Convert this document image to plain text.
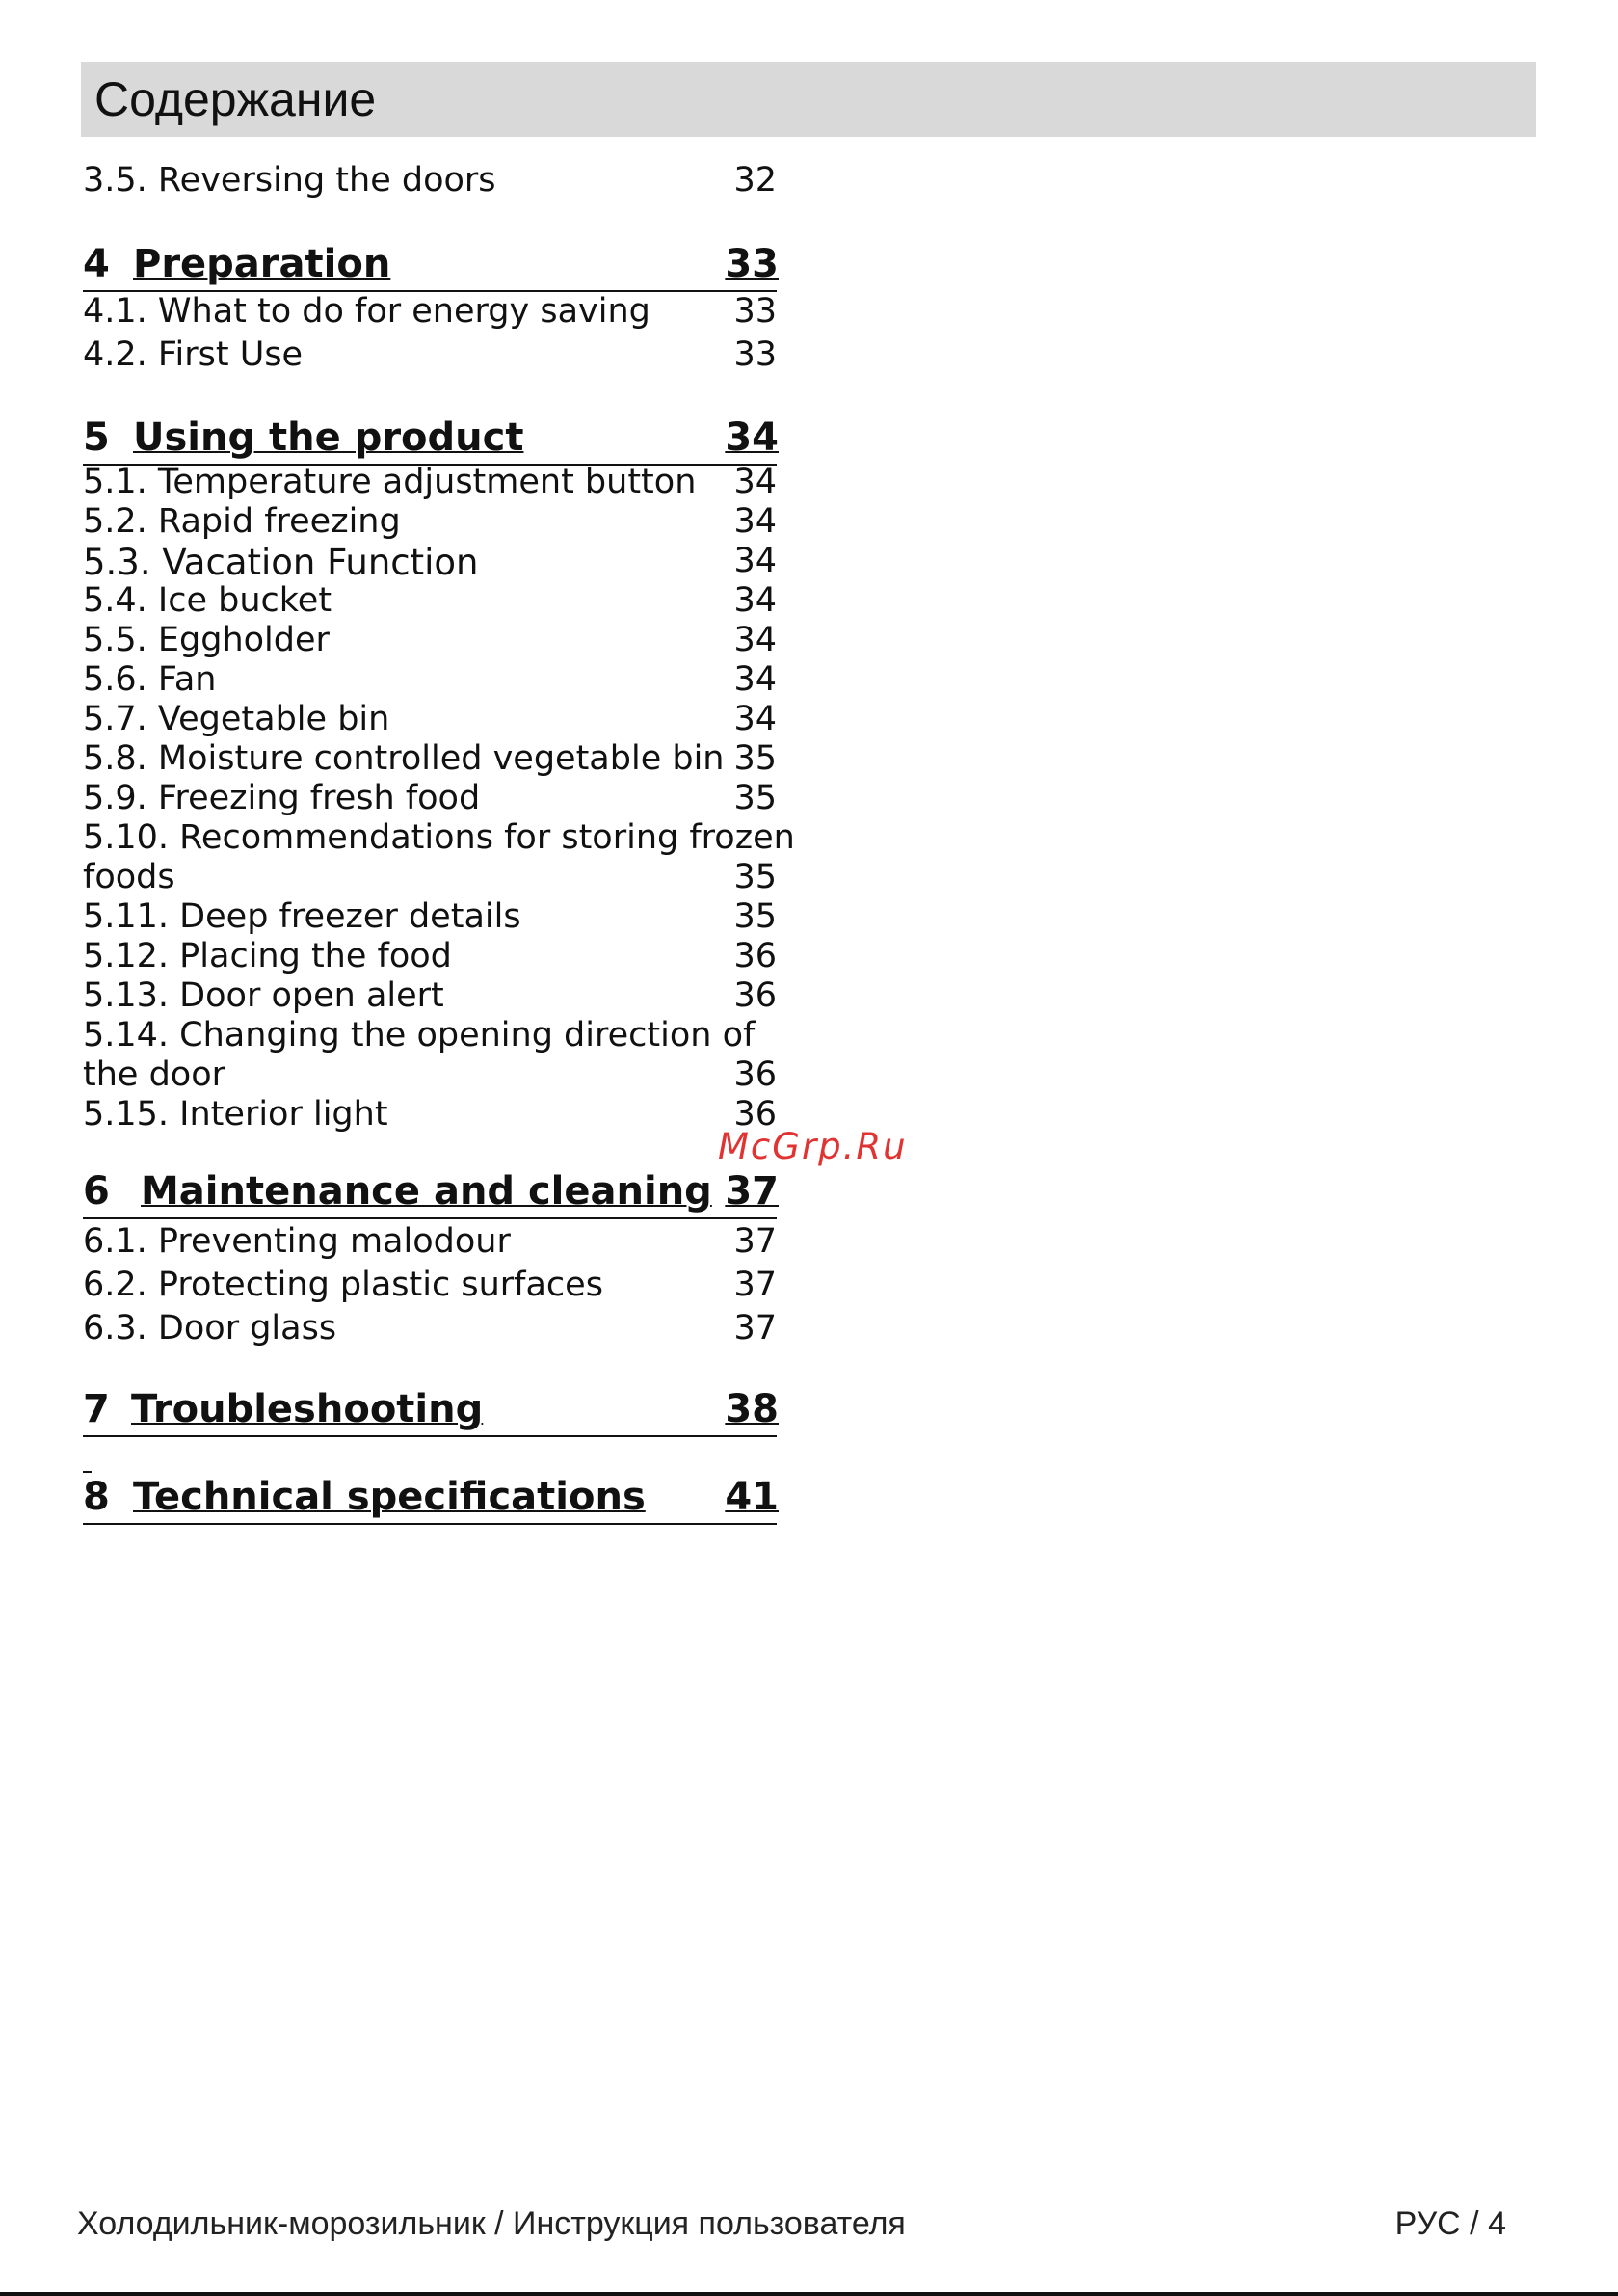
Содержание
3.5. Reversing the doors	32
4 Preparation	33
4.1. What to do for energy saving 33
4.2. First Use	33
5 Using the product	34
5.1. Temperature adjustment button 34
5.2. Rapid freezing	34
5.3. Vacation Function	34
5.4. Ice bucket	34
5.5. Eggholder	34
5.6. Fan	34
5.7. Vegetable bin	34
5.8. Moisture controlled vegetable bin 35
5.9. Freezing fresh food	35
5.10. Recommendations for storing frozen
foods	35
5.11. Deep freezer details	35
5.12. Placing the food	36
5.13. Door open alert	36
5.14. Changing the opening direction of
the door	36
5.15. Interior light	36
6 Maintenance and cleaning 37
6.1. Preventing malodour	37
6.2. Protecting plastic surfaces	37
6.3. Door glass	37
7 Troubleshooting	38
8 Technical specifications	41
McGrp.Ru
Холодильник-морозильник / Инструкция пользователя	РУС / 4
